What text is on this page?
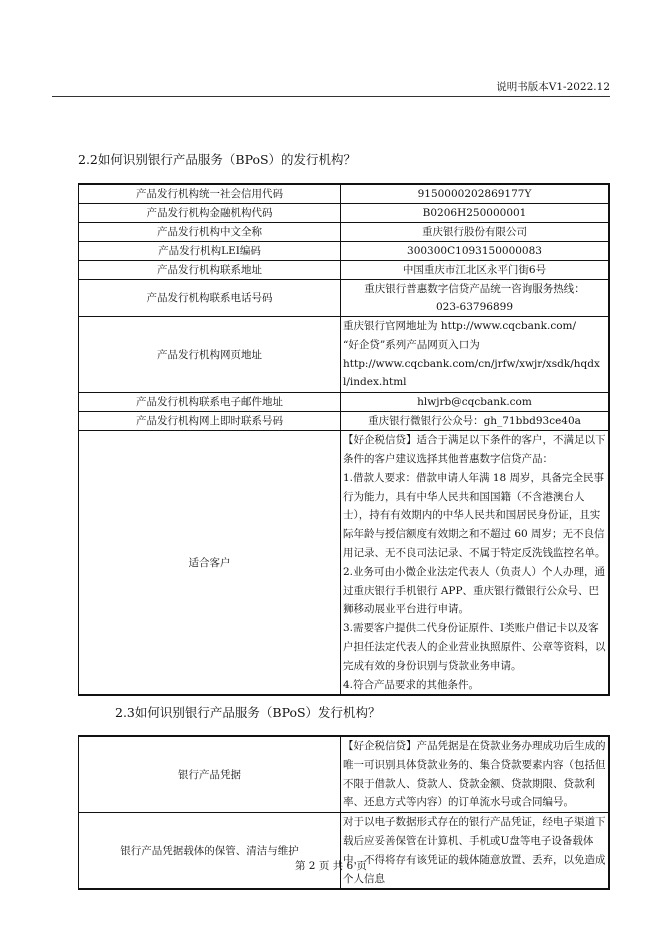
说明书版本V1-2022.12
2.2如何识别银行产品服务（BPoS）的发行机构？
产品发行机构统一社会信用代码	9150000202869177Y
产品发行机构金融机构代码	B0206H250000001
产品发行机构中文全称	重庆银行股份有限公司
产品发行机构LEI编码	300300C1093150000083
产品发行机构联系地址	中国重庆市江北区永平门街6号
产品发行机构联系电话号码	重庆银行普惠数字信贷产品统一咨询服务热线：
023-63796899

产品发行机构网页地址	重庆银行官网地址为 http://www.cqcbank.com/
“好企贷”系列产品网页入口为
http://www.cqcbank.com/cn/jrfw/xwjr/xsdk/hqdxl/index.html

产品发行机构联系电子邮件地址	hlwjrb@cqcbank.com
产品发行机构网上即时联系号码	重庆银行微银行公众号：gh_71bbd93ce40a
适合客户	【好企税信贷】适合于满足以下条件的客户，不满足以下条件的客户建议选择其他普惠数字信贷产品：
1.借款人要求：借款申请人年满 18 周岁，具备完全民事行为能力，具有中华人民共和国国籍（不含港澳台人士），持有有效期内的中华人民共和国居民身份证，且实际年龄与授信额度有效期之和不超过 60 周岁；无不良信用记录、无不良司法记录、不属于特定反洗钱监控名单。
2.业务可由小微企业法定代表人（负责人）个人办理，通过重庆银行手机银行 APP、重庆银行微银行公众号、巴狮移动展业平台进行申请。
3.需要客户提供二代身份证原件、Ⅰ类账户借记卡以及客户担任法定代表人的企业营业执照原件、公章等资料，以完成有效的身份识别与贷款业务申请。
4.符合产品要求的其他条件。
2.3如何识别银行产品服务（BPoS）发行机构？
银行产品凭据	【好企税信贷】产品凭据是在贷款业务办理成功后生成的唯一可识别具体贷款业务的、集合贷款要素内容（包括但不限于借款人、贷款人、贷款金额、贷款期限、贷款利率、还息方式等内容）的订单流水号或合同编号。
银行产品凭据载体的保管、清洁与维护	对于以电子数据形式存在的银行产品凭证，经电子渠道下载后应妥善保管在计算机、手机或U盘等电子设备载体中，不得将存有该凭证的载体随意放置、丢弃，以免造成个人信息
第 2 页 共 6 页
